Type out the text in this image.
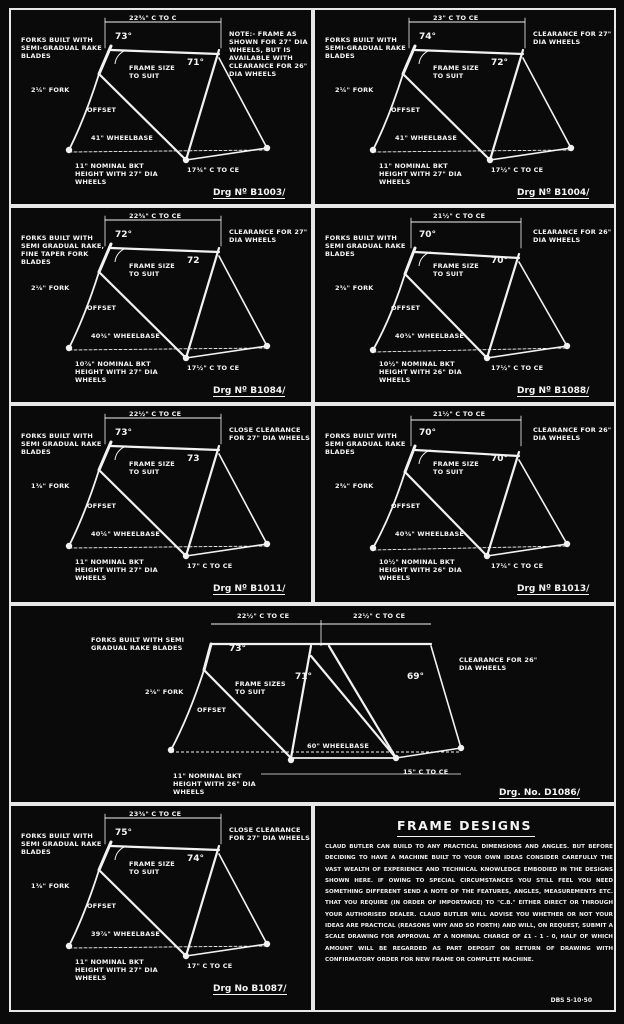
22⅝" C TO C
73°
71°
FORKS BUILT WITH SEMI-GRADUAL RAKE BLADES
2¼" FORK
FRAME SIZE TO SUIT
OFFSET
41" WHEELBASE
11" NOMINAL BKT HEIGHT WITH 27" DIA WHEELS
17¾" C TO CE
NOTE:- FRAME AS SHOWN FOR 27" DIA WHEELS, BUT IS AVAILABLE WITH CLEARANCE FOR 26" DIA WHEELS
Drg Nº B1003/
23" C TO CE
74°
72°
FORKS BUILT WITH SEMI-GRADUAL RAKE BLADES
2¼" FORK
FRAME SIZE TO SUIT
OFFSET
41" WHEELBASE
11" NOMINAL BKT HEIGHT WITH 27" DIA WHEELS
17½" C TO CE
CLEARANCE FOR 27" DIA WHEELS
Drg Nº B1004/
22⅝" C TO CE
72°
72
FORKS BUILT WITH SEMI GRADUAL RAKE, FINE TAPER FORK BLADES
2⅛" FORK
FRAME SIZE TO SUIT
OFFSET
40¾" WHEELBASE
10⅞" NOMINAL BKT HEIGHT WITH 27" DIA WHEELS
17½" C TO CE
CLEARANCE FOR 27" DIA WHEELS
Drg Nº B1084/
21½" C TO CE
70°
70°
FORKS BUILT WITH SEMI GRADUAL RAKE BLADES
2⅝" FORK
FRAME SIZE TO SUIT
OFFSET
40⅜" WHEELBASE
10½" NOMINAL BKT HEIGHT WITH 26" DIA WHEELS
17½" C TO CE
CLEARANCE FOR 26" DIA WHEELS
Drg Nº B1088/
22½" C TO CE
73°
73
FORKS BUILT WITH SEMI GRADUAL RAKE BLADES
1⅜" FORK
FRAME SIZE TO SUIT
OFFSET
40¼" WHEELBASE
11" NOMINAL BKT HEIGHT WITH 27" DIA WHEELS
17" C TO CE
CLOSE CLEARANCE FOR 27" DIA WHEELS
Drg Nº B1011/
21½" C TO CE
70°
70°
FORKS BUILT WITH SEMI GRADUAL RAKE BLADES
2⅝" FORK
FRAME SIZE TO SUIT
OFFSET
40⅜" WHEELBASE
10½" NOMINAL BKT HEIGHT WITH 26" DIA WHEELS
17¼" C TO CE
CLEARANCE FOR 26" DIA WHEELS
Drg Nº B1013/
22½" C TO CE	22½" C TO CE
73°
71°	69°
FORKS BUILT WITH SEMI GRADUAL RAKE BLADES
2⅛" FORK
FRAME SIZES TO SUIT
OFFSET
60" WHEELBASE
11" NOMINAL BKT HEIGHT WITH 26" DIA WHEELS
15" C TO CE
CLEARANCE FOR 26" DIA WHEELS
Drg. No. D1086/
23⅜" C TO CE
75°
74°
FORKS BUILT WITH SEMI GRADUAL RAKE BLADES
1⅜" FORK
FRAME SIZE TO SUIT
OFFSET
39⅞" WHEELBASE
11" NOMINAL BKT HEIGHT WITH 27" DIA WHEELS
17" C TO CE
CLOSE CLEARANCE FOR 27" DIA WHEELS
Drg No B1087/
FRAME DESIGNS
CLAUD BUTLER CAN BUILD TO ANY PRACTICAL DIMENSIONS AND ANGLES. BUT BEFORE DECIDING TO HAVE A MACHINE BUILT TO YOUR OWN IDEAS CONSIDER CAREFULLY THE VAST WEALTH OF EXPERIENCE AND TECHNICAL KNOWLEDGE EMBODIED IN THE DESIGNS SHOWN HERE. IF OWING TO SPECIAL CIRCUMSTANCES YOU STILL FEEL YOU NEED SOMETHING DIFFERENT SEND A NOTE OF THE FEATURES, ANGLES, MEASUREMENTS ETC. THAT YOU REQUIRE (IN ORDER OF IMPORTANCE) TO "C.B." EITHER DIRECT OR THROUGH YOUR AUTHORISED DEALER. CLAUD BUTLER WILL ADVISE YOU WHETHER OR NOT YOUR IDEAS ARE PRACTICAL (REASONS WHY AND SO FORTH) AND WILL, ON REQUEST, SUBMIT A SCALE DRAWING FOR APPROVAL AT A NOMINAL CHARGE OF £1 - 1 - 0, HALF OF WHICH AMOUNT WILL BE REGARDED AS PART DEPOSIT ON RETURN OF DRAWING WITH CONFIRMATORY ORDER FOR NEW FRAME OR COMPLETE MACHINE.
DBS 5·10·50
